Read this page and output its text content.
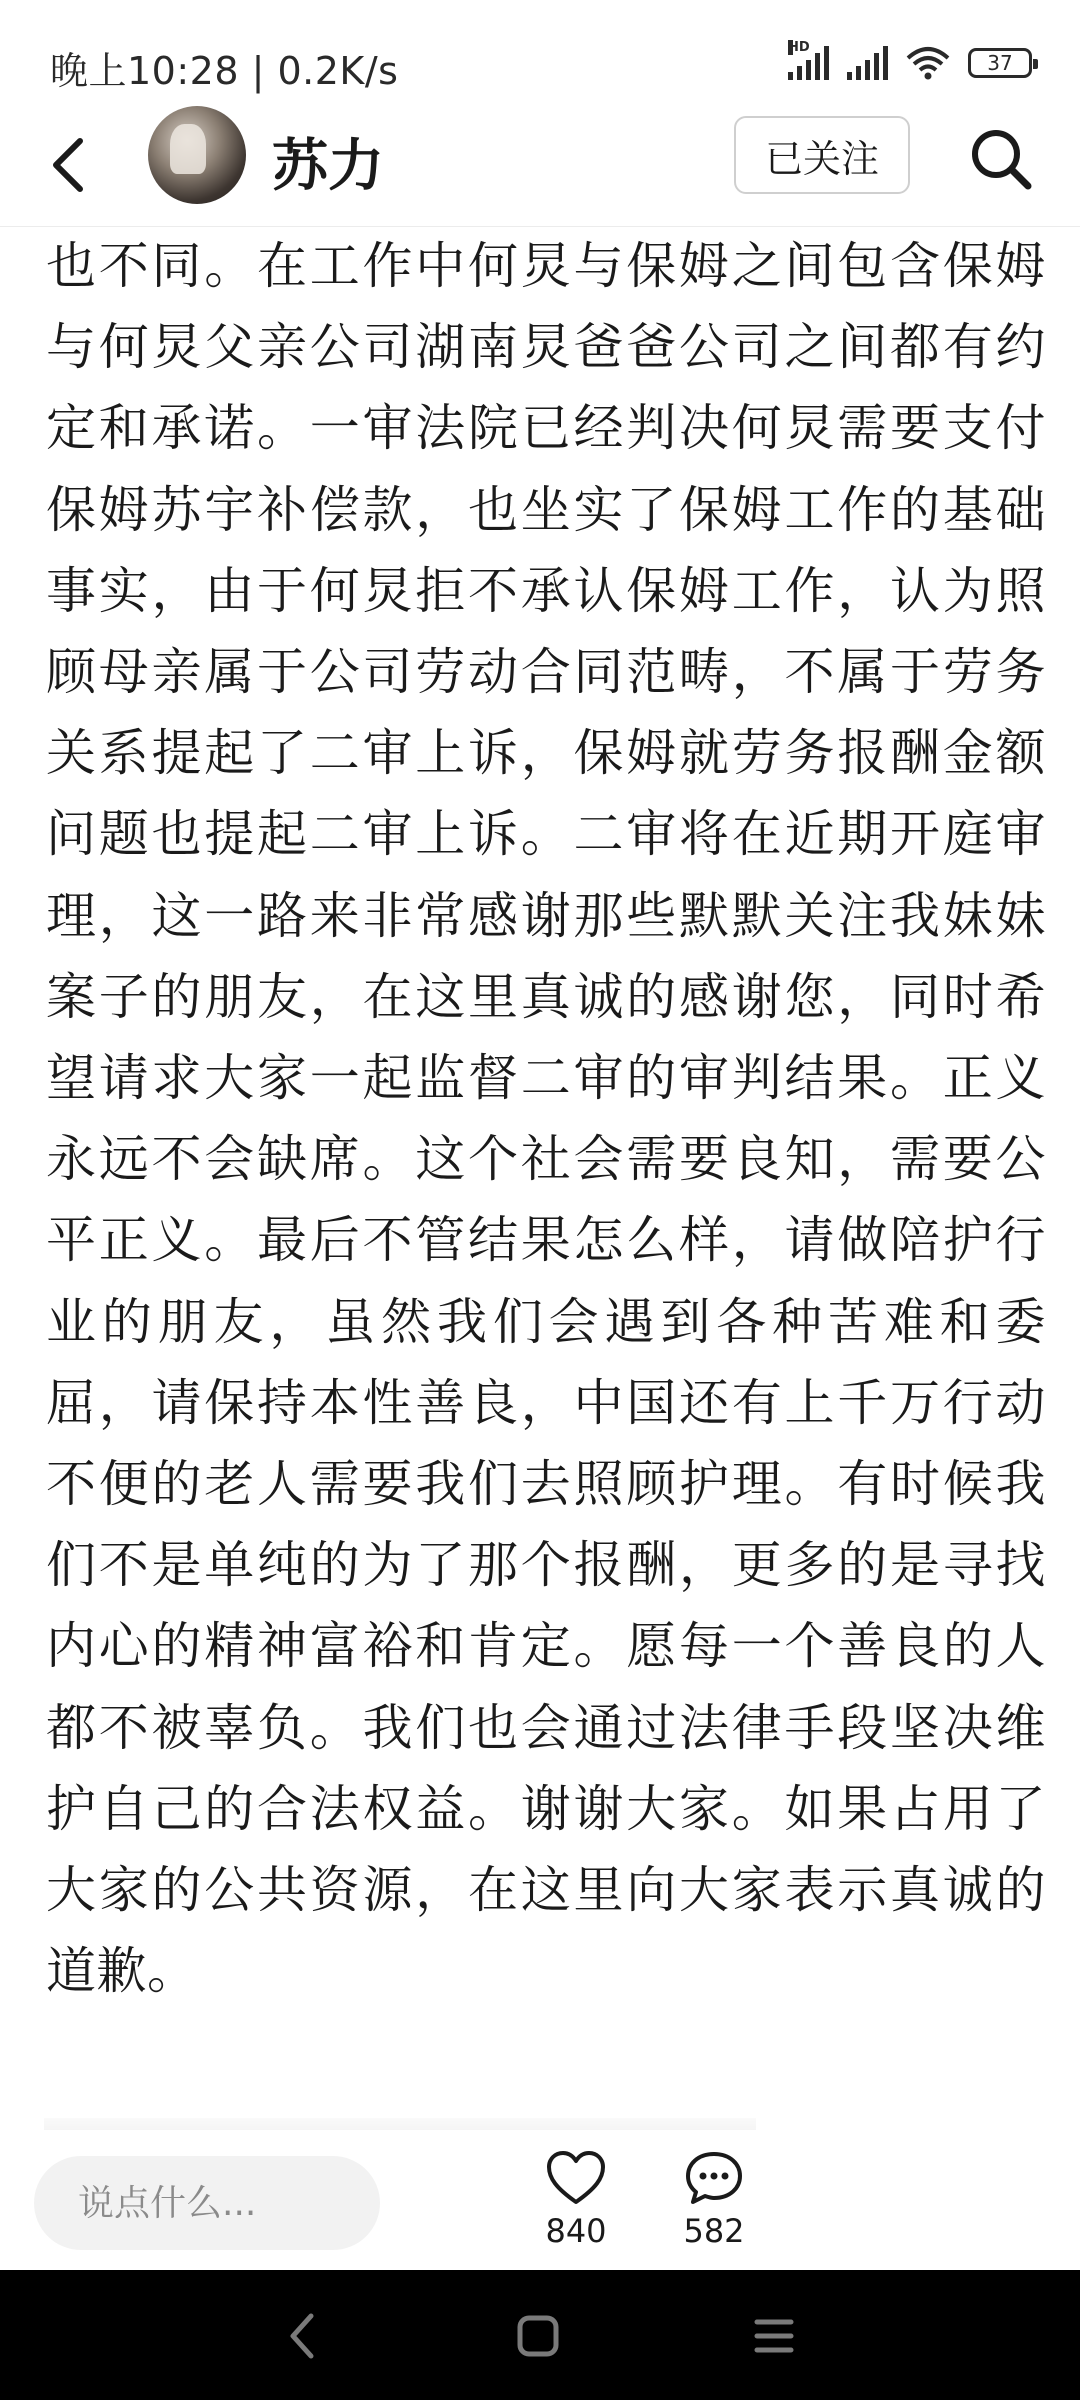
晚上10:28 | 0.2K/s
HD
37
苏力	已关注

也不同。在工作中何炅与保姆之间包含保姆与何炅父亲公司湖南炅爸爸公司之间都有约定和承诺。一审法院已经判决何炅需要支付保姆苏宇补偿款，也坐实了保姆工作的基础事实，由于何炅拒不承认保姆工作，认为照顾母亲属于公司劳动合同范畴，不属于劳务关系提起了二审上诉，保姆就劳务报酬金额问题也提起二审上诉。二审将在近期开庭审理，这一路来非常感谢那些默默关注我妹妹案子的朋友，在这里真诚的感谢您，同时希望请求大家一起监督二审的审判结果。正义永远不会缺席。这个社会需要良知，需要公平正义。最后不管结果怎么样，请做陪护行业的朋友，虽然我们会遇到各种苦难和委屈，请保持本性善良，中国还有上千万行动不便的老人需要我们去照顾护理。有时候我们不是单纯的为了那个报酬，更多的是寻找内心的精神富裕和肯定。愿每一个善良的人都不被辜负。我们也会通过法律手段坚决维护自己的合法权益。谢谢大家。如果占用了大家的公共资源，在这里向大家表示真诚的道歉。

说点什么...
840 582
